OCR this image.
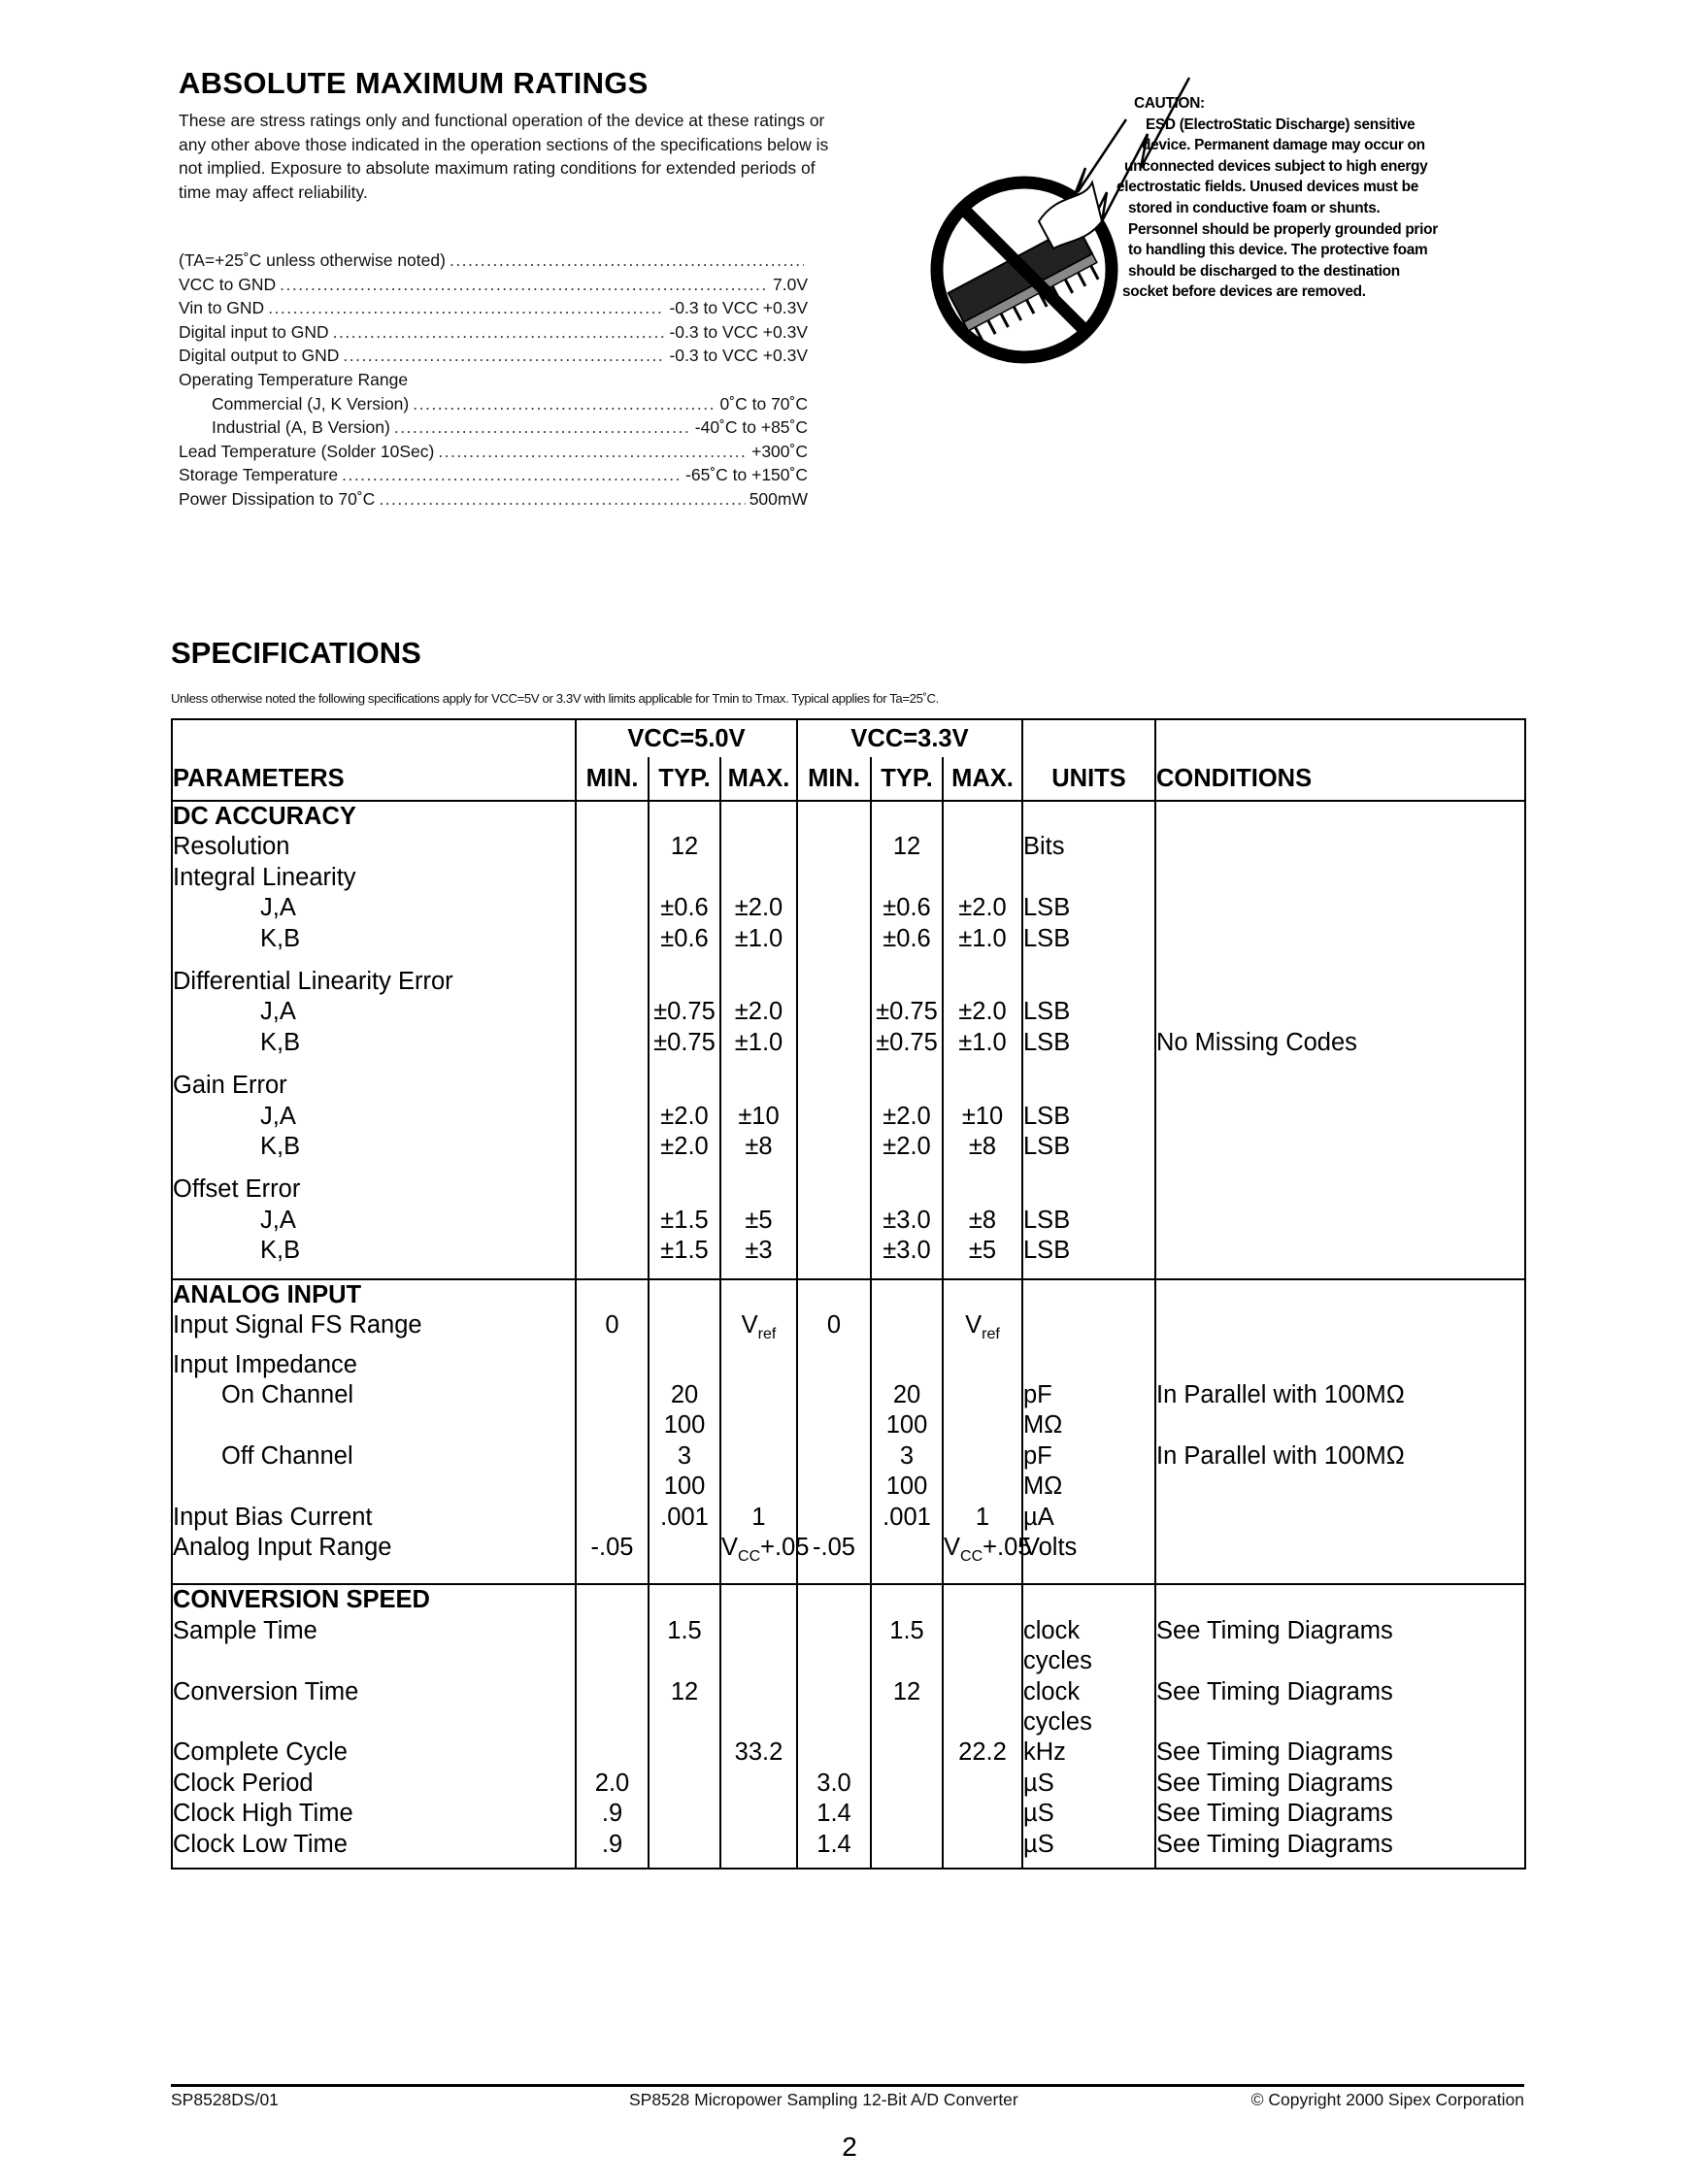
ABSOLUTE MAXIMUM RATINGS
These are stress ratings only and functional operation of the device at these ratings or any other above those indicated in the operation sections of the specifications below is not implied. Exposure to absolute maximum rating conditions for extended periods of time may affect reliability.
(TA=+25˚C unless otherwise noted)
.....
VCC to GND .....	7.0V
Vin to GND .....	-0.3 to VCC +0.3V
Digital input to GND .....	-0.3 to VCC +0.3V
Digital output to GND .....	-0.3 to VCC +0.3V
Operating Temperature Range
Commercial (J, K Version) .....	0˚C to 70˚C
Industrial (A, B Version) .....	-40˚C to +85˚C
Lead Temperature (Solder 10Sec) .....	+300˚C
Storage Temperature .....	-65˚C to +150˚C
Power Dissipation to 70˚C .....	500mW
CAUTION:
ESD (ElectroStatic Discharge) sensitive
device. Permanent damage may occur on
unconnected devices subject to high energy
electrostatic fields. Unused devices must be
stored in conductive foam or shunts.
Personnel should be properly grounded prior
to handling this device. The protective foam
should be discharged to the destination
socket before devices are removed.
SPECIFICATIONS
Unless otherwise noted the following specifications apply for VCC=5V or 3.3V with limits applicable for Tmin to Tmax. Typical applies for Ta=25˚C.
	VCC=5.0V			VCC=3.3V				
PARAMETERS	MIN.	TYP.	MAX.	MIN.	TYP.	MAX.	UNITS	CONDITIONS
DC ACCURACY								
Resolution		12			12		Bits	
Integral Linearity								
J,A		±0.6	±2.0		±0.6	±2.0	LSB	
K,B		±0.6	±1.0		±0.6	±1.0	LSB	

Differential Linearity Error								
J,A		±0.75	±2.0		±0.75	±2.0	LSB	
K,B		±0.75	±1.0		±0.75	±1.0	LSB	No Missing Codes

Gain Error								
J,A		±2.0	±10		±2.0	±10	LSB	
K,B		±2.0	±8		±2.0	±8	LSB	

Offset Error								
J,A		±1.5	±5		±3.0	±8	LSB	
K,B		±1.5	±3		±3.0	±5	LSB	

ANALOG INPUT								
Input Signal FS Range	0		$V_{ref}$	0		$V_{ref}$		
Input Impedance								
On Channel		20			20		pF	In Parallel with 100MΩ
		100			100		MΩ	
Off Channel		3			3		pF	In Parallel with 100MΩ
		100			100		MΩ	
Input Bias Current		.001	1		.001	1	µA	
Analog Input Range	-.05		$V_{CC}+.05$	-.05		$V_{CC}+.05$	Volts	

CONVERSION SPEED								
Sample Time		1.5			1.5		clock	See Timing Diagrams
							cycles	
Conversion Time		12			12		clock	See Timing Diagrams
							cycles	
Complete Cycle			33.2			22.2	kHz	See Timing Diagrams
Clock Period	2.0			3.0			µS	See Timing Diagrams
Clock High Time	.9			1.4			µS	See Timing Diagrams
Clock Low Time	.9			1.4			µS	See Timing Diagrams

SP8528DS/01	SP8528 Micropower Sampling 12-Bit A/D Converter	© Copyright 2000 Sipex Corporation
2
